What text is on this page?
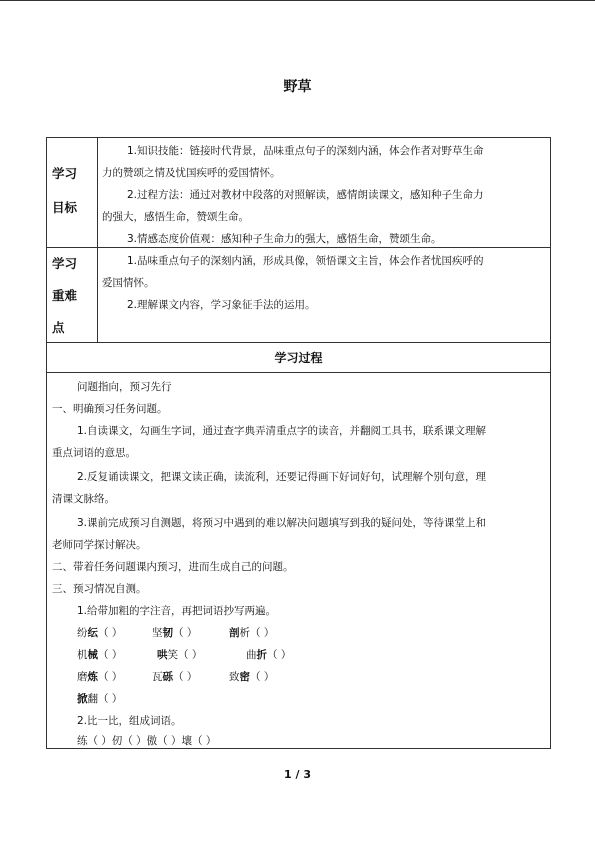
野草
学习
目标
1.知识技能：链接时代背景，品味重点句子的深刻内涵，体会作者对野草生命
力的赞颂之情及忧国疾呼的爱国情怀。
2.过程方法：通过对教材中段落的对照解读，感情朗读课文，感知种子生命力
的强大，感悟生命，赞颂生命。
3.情感态度价值观：感知种子生命力的强大，感悟生命，赞颂生命。
学习
重难
点
1.品味重点句子的深刻内涵，形成具像，领悟课文主旨，体会作者忧国疾呼的
爱国情怀。
2.理解课文内容，学习象征手法的运用。
学习过程
问题指向，预习先行
一、明确预习任务问题。
1.自读课文，勾画生字词，通过查字典弄清重点字的读音，并翻阅工具书，联系课文理解
重点词语的意思。
2.反复诵读课文，把课文读正确，读流利，还要记得画下好词好句，试理解个别句意，理
清课文脉络。
3.课前完成预习自测题，将预习中遇到的难以解决问题填写到我的疑问处，等待课堂上和
老师同学探讨解决。
二、带着任务问题课内预习，进而生成自己的问题。
三、预习情况自测。
1.给带加粗的字注音，再把词语抄写两遍。
纷纭（ ）	坚韧（ ）	剖析（ ）
机械（ ）	哄笑（ ）	曲折（ ）
磨炼（ ）	瓦砾（ ）	致密（ ）
掀翻（ ）
2.比一比，组成词语。
练（ ）仞（ ）傲（ ）壤（ ）
1 / 3
